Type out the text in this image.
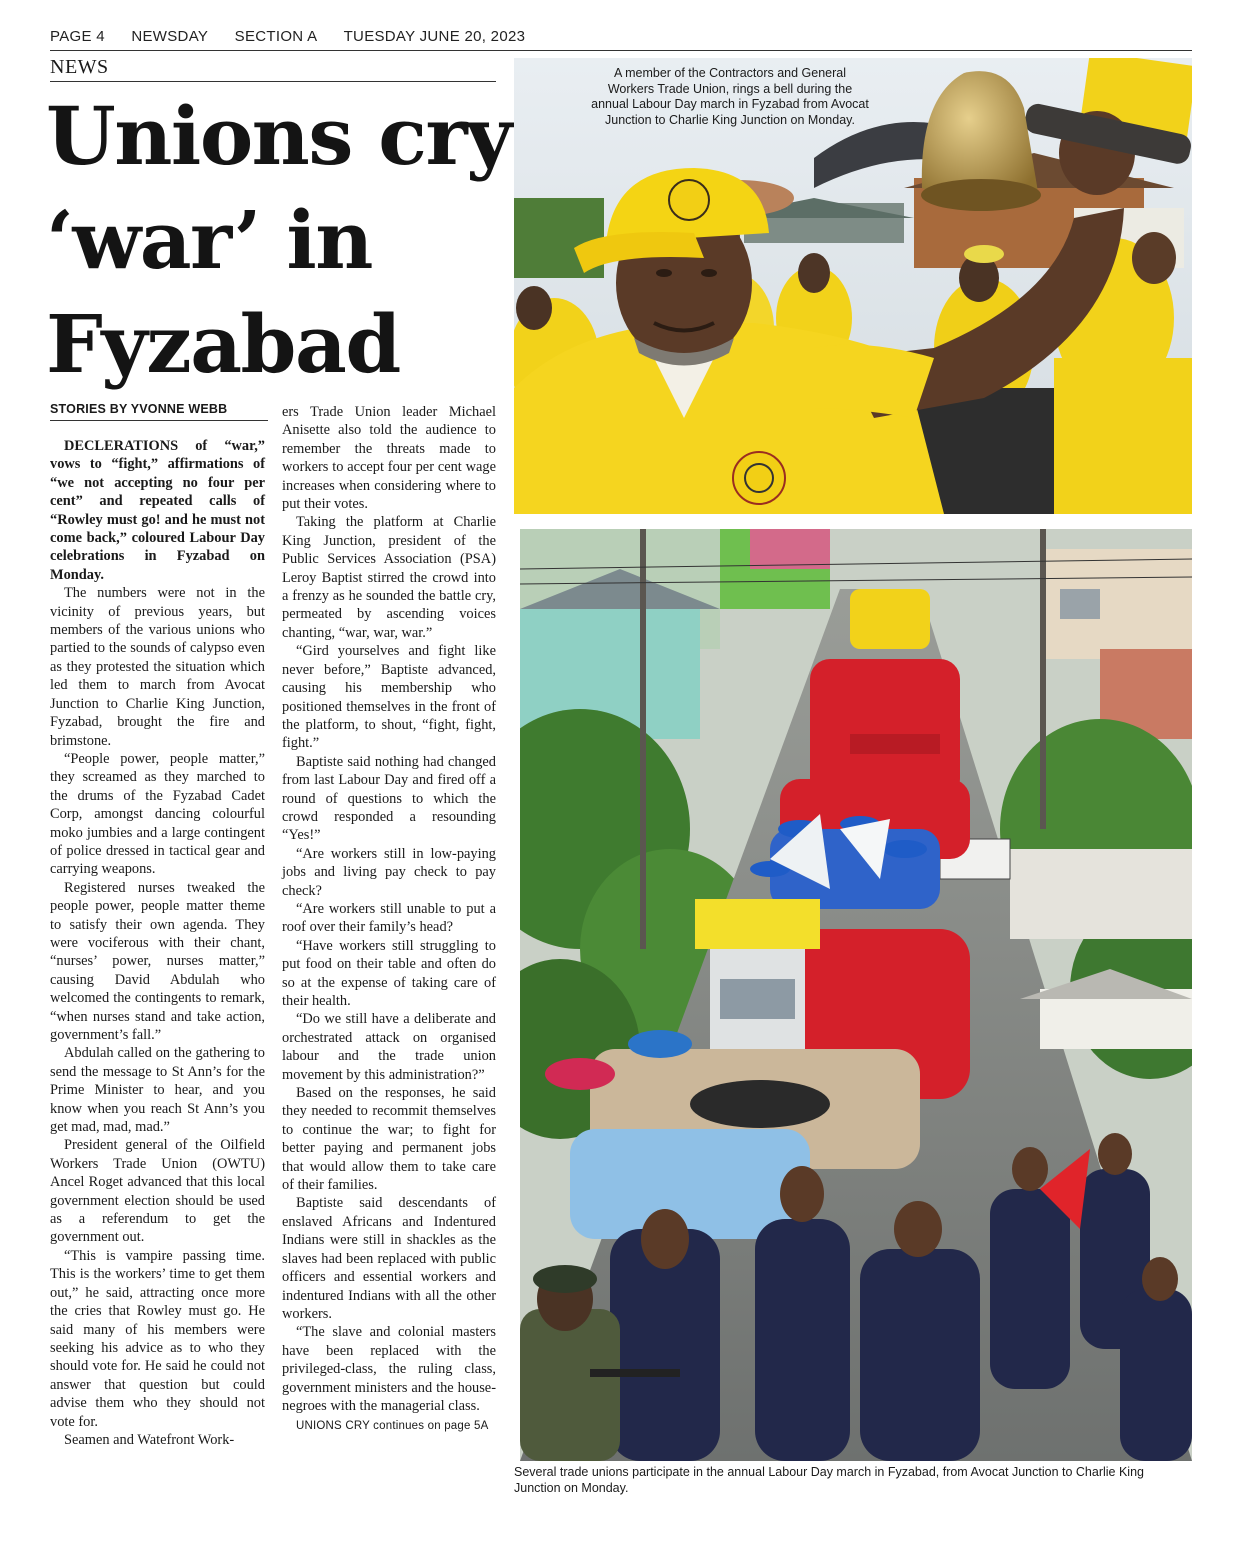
PAGE 4 NEWSDAY SECTION A TUESDAY JUNE 20, 2023
NEWS
Unions cry
‘war’ in
Fyzabad
STORIES BY YVONNE WEBB

DECLERATIONS of “war,” vows to “fight,” affirmations of “we not accepting no four per cent” and repeated calls of “Rowley must go! and he must not come back,” coloured Labour Day celebrations in Fyzabad on Monday.

The numbers were not in the vicinity of previous years, but members of the various unions who partied to the sounds of calypso even as they protested the situation which led them to march from Avocat Junction to Charlie King Junction, Fyzabad, brought the fire and brimstone.

“People power, people matter,” they screamed as they marched to the drums of the Fyzabad Cadet Corp, amongst dancing colourful moko jumbies and a large contingent of police dressed in tactical gear and carrying weapons.

Registered nurses tweaked the people power, people matter theme to satisfy their own agenda. They were vociferous with their chant, “nurses’ power, nurses matter,” causing David Abdulah who welcomed the contingents to remark, “when nurses stand and take action, government’s fall.”

Abdulah called on the gathering to send the message to St Ann’s for the Prime Minister to hear, and you know when you reach St Ann’s you get mad, mad, mad.”

President general of the Oilfield Workers Trade Union (OWTU) Ancel Roget advanced that this local government election should be used as a referendum to get the government out.

“This is vampire passing time. This is the workers’ time to get them out,” he said, attracting once more the cries that Rowley must go. He said many of his members were seeking his advice as to who they should vote for. He said he could not answer that question but could advise them who they should not vote for.

Seamen and Watefront Work-

ers Trade Union leader Michael Anisette also told the audience to remember the threats made to workers to accept four per cent wage increases when considering where to put their votes.

Taking the platform at Charlie King Junction, president of the Public Services Association (PSA) Leroy Baptist stirred the crowd into a frenzy as he sounded the battle cry, permeated by ascending voices chanting, “war, war, war.”

“Gird yourselves and fight like never before,” Baptiste advanced, causing his membership who positioned themselves in the front of the platform, to shout, “fight, fight, fight.”

Baptiste said nothing had changed from last Labour Day and fired off a round of questions to which the crowd responded a resounding “Yes!”

“Are workers still in low-paying jobs and living pay check to pay check?

“Are workers still unable to put a roof over their family’s head?

“Have workers still struggling to put food on their table and often do so at the expense of taking care of their health.

“Do we still have a deliberate and orchestrated attack on organised labour and the trade union movement by this administration?”

Based on the responses, he said they needed to recommit themselves to continue the war; to fight for better paying and permanent jobs that would allow them to take care of their families.

Baptiste said descendants of enslaved Africans and Indentured Indians were still in shackles as the slaves had been replaced with public officers and essential workers and indentured Indians with all the other workers.

“The slave and colonial masters have been replaced with the privileged-class, the ruling class, government ministers and the house-negroes with the managerial class.

UNIONS CRY continues on page 5A
A member of the Contractors and General Workers Trade Union, rings a bell during the annual Labour Day march in Fyzabad from Avocat Junction to Charlie King Junction on Monday.
Several trade unions participate in the annual Labour Day march in Fyzabad, from Avocat Junction to Charlie King Junction on Monday.
